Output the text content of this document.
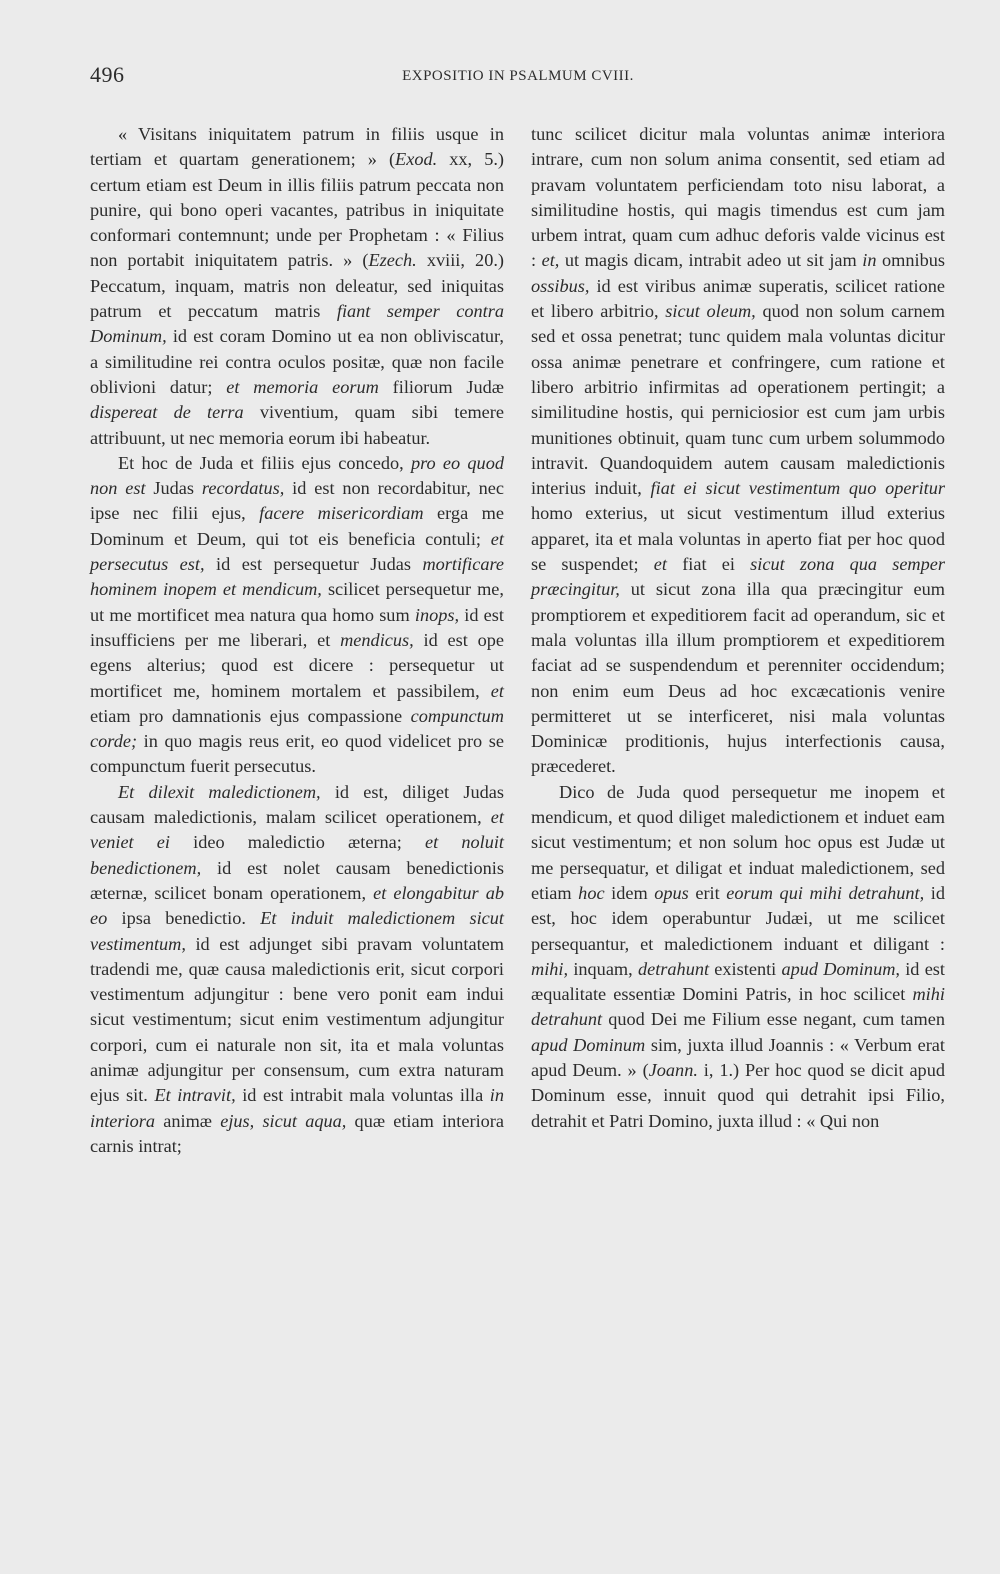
496	EXPOSITIO IN PSALMUM CVIII.

« Visitans iniquitatem patrum in filiis usque in tertiam et quartam generationem; » (Exod. xx, 5.) certum etiam est Deum in illis filiis patrum peccata non punire, qui bono operi vacantes, patribus in iniquitate conformari contemnunt; unde per Prophetam : « Filius non portabit iniquitatem patris. » (Ezech. xviii, 20.) Peccatum, inquam, matris non deleatur, sed iniquitas patrum et peccatum matris fiant semper contra Dominum, id est coram Domino ut ea non obliviscatur, a similitudine rei contra oculos positæ, quæ non facile oblivioni datur; et memoria eorum filiorum Judæ dispereat de terra viventium, quam sibi temere attribuunt, ut nec memoria eorum ibi habeatur.

Et hoc de Juda et filiis ejus concedo, pro eo quod non est Judas recordatus, id est non recordabitur, nec ipse nec filii ejus, facere misericordiam erga me Dominum et Deum, qui tot eis beneficia contuli; et persecutus est, id est persequetur Judas mortificare hominem inopem et mendicum, scilicet persequetur me, ut me mortificet mea natura qua homo sum inops, id est insufficiens per me liberari, et mendicus, id est ope egens alterius; quod est dicere : persequetur ut mortificet me, hominem mortalem et passibilem, et etiam pro damnationis ejus compassione compunctum corde; in quo magis reus erit, eo quod videlicet pro se compunctum fuerit persecutus.

Et dilexit maledictionem, id est, diliget Judas causam maledictionis, malam scilicet operationem, et veniet ei ideo maledictio æterna; et noluit benedictionem, id est nolet causam benedictionis æternæ, scilicet bonam operationem, et elongabitur ab eo ipsa benedictio. Et induit maledictionem sicut vestimentum, id est adjunget sibi pravam voluntatem tradendi me, quæ causa maledictionis erit, sicut corpori vestimentum adjungitur : bene vero ponit eam indui sicut vestimentum; sicut enim vestimentum adjungitur corpori, cum ei naturale non sit, ita et mala voluntas animæ adjungitur per consensum, cum extra naturam ejus sit. Et intravit, id est intrabit mala voluntas illa in interiora animæ ejus, sicut aqua, quæ etiam interiora carnis intrat;

tunc scilicet dicitur mala voluntas animæ interiora intrare, cum non solum anima consentit, sed etiam ad pravam voluntatem perficiendam toto nisu laborat, a similitudine hostis, qui magis timendus est cum jam urbem intrat, quam cum adhuc deforis valde vicinus est : et, ut magis dicam, intrabit adeo ut sit jam in omnibus ossibus, id est viribus animæ superatis, scilicet ratione et libero arbitrio, sicut oleum, quod non solum carnem sed et ossa penetrat; tunc quidem mala voluntas dicitur ossa animæ penetrare et confringere, cum ratione et libero arbitrio infirmitas ad operationem pertingit; a similitudine hostis, qui perniciosior est cum jam urbis munitiones obtinuit, quam tunc cum urbem solummodo intravit. Quandoquidem autem causam maledictionis interius induit, fiat ei sicut vestimentum quo operitur homo exterius, ut sicut vestimentum illud exterius apparet, ita et mala voluntas in aperto fiat per hoc quod se suspendet; et fiat ei sicut zona qua semper præcingitur, ut sicut zona illa qua præcingitur eum promptiorem et expeditiorem facit ad operandum, sic et mala voluntas illa illum promptiorem et expeditiorem faciat ad se suspendendum et perenniter occidendum; non enim eum Deus ad hoc excæcationis venire permitteret ut se interficeret, nisi mala voluntas Dominicæ proditionis, hujus interfectionis causa, præcederet.

Dico de Juda quod persequetur me inopem et mendicum, et quod diliget maledictionem et induet eam sicut vestimentum; et non solum hoc opus est Judæ ut me persequatur, et diligat et induat maledictionem, sed etiam hoc idem opus erit eorum qui mihi detrahunt, id est, hoc idem operabuntur Judæi, ut me scilicet persequantur, et maledictionem induant et diligant : mihi, inquam, detrahunt existenti apud Dominum, id est æqualitate essentiæ Domini Patris, in hoc scilicet mihi detrahunt quod Dei me Filium esse negant, cum tamen apud Dominum sim, juxta illud Joannis : « Verbum erat apud Deum. » (Joann. i, 1.) Per hoc quod se dicit apud Dominum esse, innuit quod qui detrahit ipsi Filio, detrahit et Patri Domino, juxta illud : « Qui non
